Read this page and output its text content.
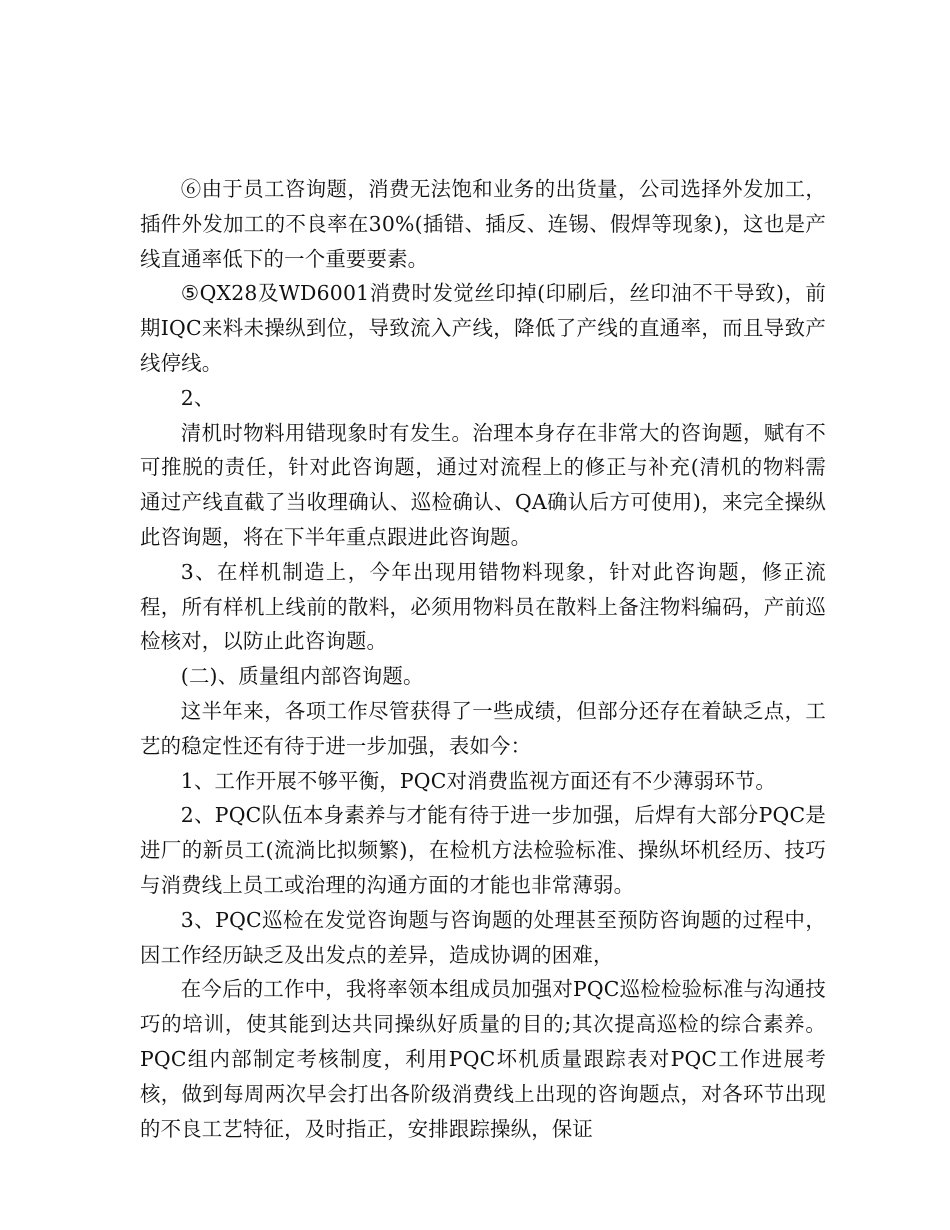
⑥由于员工咨询题，消费无法饱和业务的出货量，公司选择外发加工，插件外发加工的不良率在30%(插错、插反、连锡、假焊等现象)，这也是产线直通率低下的一个重要要素。

⑤QX28及WD6001消费时发觉丝印掉(印刷后，丝印油不干导致)，前期IQC来料未操纵到位，导致流入产线，降低了产线的直通率，而且导致产线停线。

2、

清机时物料用错现象时有发生。治理本身存在非常大的咨询题，赋有不可推脱的责任，针对此咨询题，通过对流程上的修正与补充(清机的物料需通过产线直截了当收理确认、巡检确认、QA确认后方可使用)，来完全操纵此咨询题，将在下半年重点跟进此咨询题。

3、在样机制造上，今年出现用错物料现象，针对此咨询题，修正流程，所有样机上线前的散料，必须用物料员在散料上备注物料编码，产前巡检核对，以防止此咨询题。

(二)、质量组内部咨询题。

这半年来，各项工作尽管获得了一些成绩，但部分还存在着缺乏点，工艺的稳定性还有待于进一步加强，表如今：

1、工作开展不够平衡，PQC对消费监视方面还有不少薄弱环节。

2、PQC队伍本身素养与才能有待于进一步加强，后焊有大部分PQC是进厂的新员工(流淌比拟频繁)，在检机方法检验标准、操纵坏机经历、技巧与消费线上员工或治理的沟通方面的才能也非常薄弱。

3、PQC巡检在发觉咨询题与咨询题的处理甚至预防咨询题的过程中，因工作经历缺乏及出发点的差异，造成协调的困难，

在今后的工作中，我将率领本组成员加强对PQC巡检检验标准与沟通技巧的培训，使其能到达共同操纵好质量的目的;其次提高巡检的综合素养。PQC组内部制定考核制度，利用PQC坏机质量跟踪表对PQC工作进展考核，做到每周两次早会打出各阶级消费线上出现的咨询题点，对各环节出现的不良工艺特征，及时指正，安排跟踪操纵，保证
